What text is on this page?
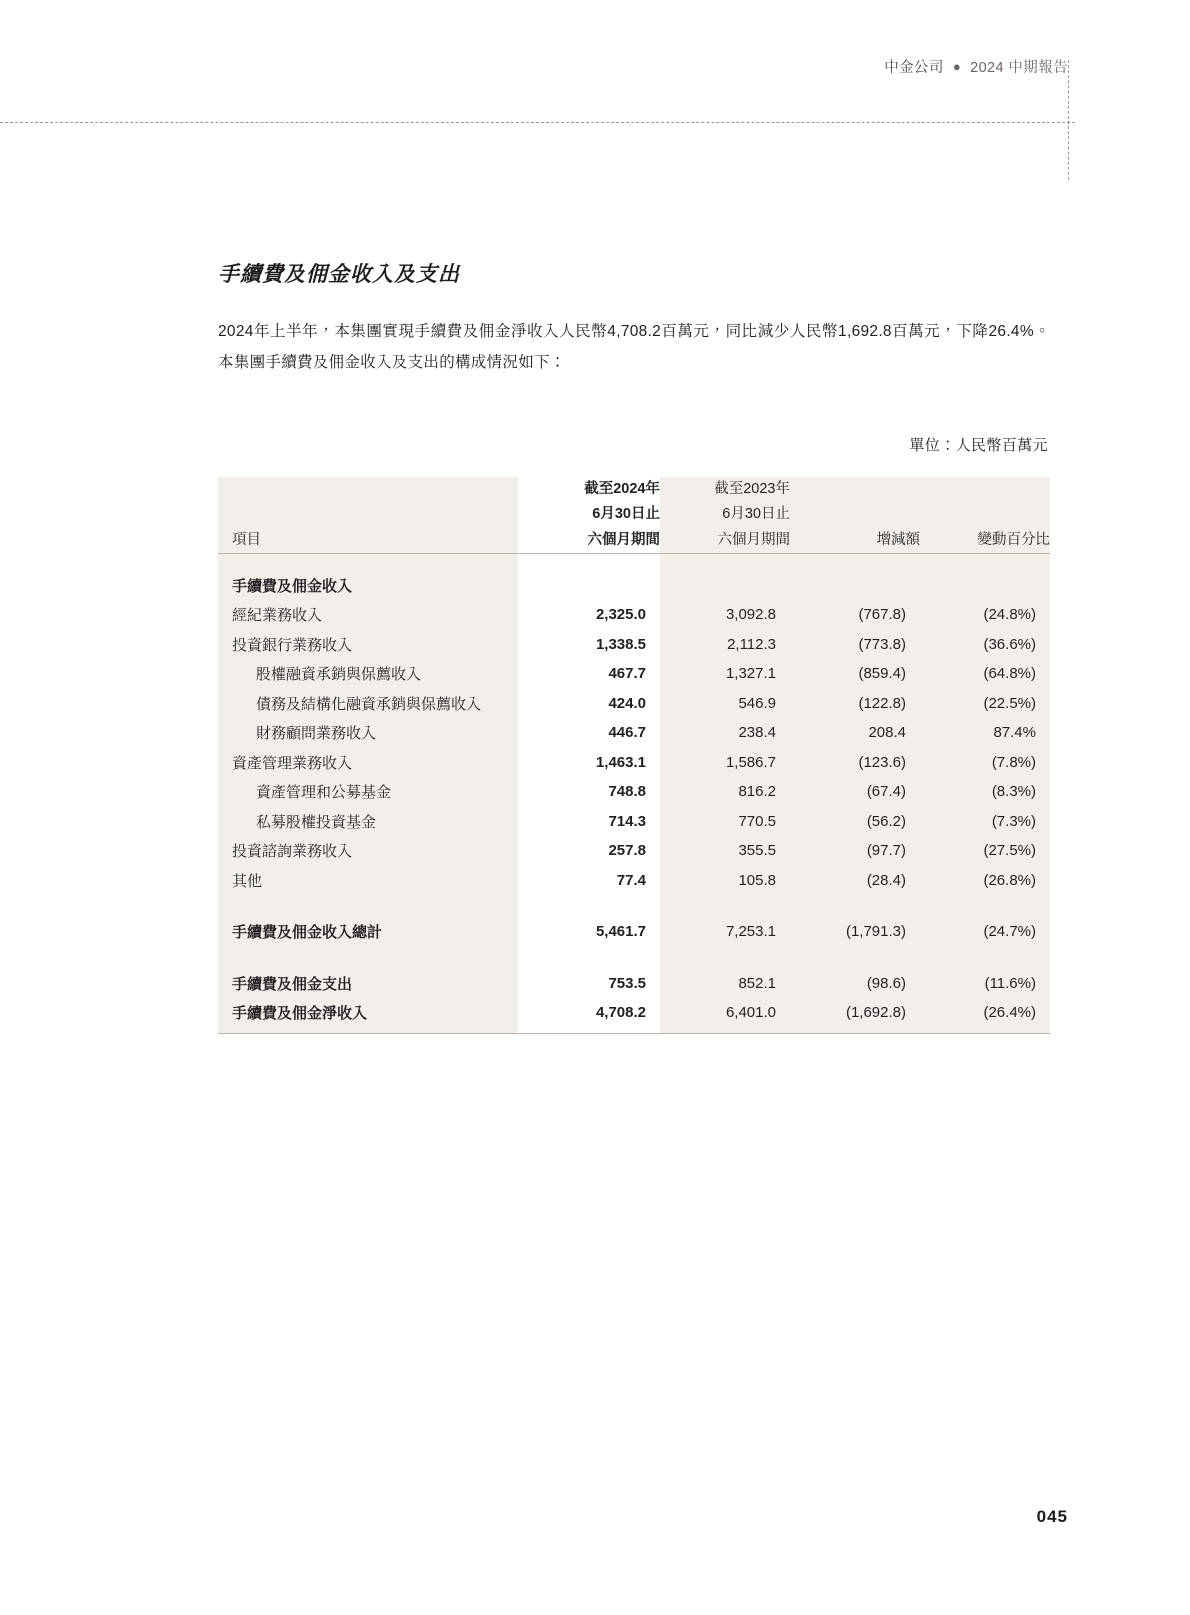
中金公司 ● 2024 中期報告
手續費及佣金收入及支出

2024年上半年，本集團實現手續費及佣金淨收入人民幣4,708.2百萬元，同比減少人民幣1,692.8百萬元，下降26.4%。本集團手續費及佣金收入及支出的構成情況如下：

單位：人民幣百萬元
項目	截至2024年
6月30日止
六個月期間	截至2023年
6月30日止
六個月期間	增減額	變動百分比
手續費及佣金收入				
經紀業務收入	2,325.0	3,092.8	(767.8)	(24.8%)
投資銀行業務收入	1,338.5	2,112.3	(773.8)	(36.6%)
股權融資承銷與保薦收入	467.7	1,327.1	(859.4)	(64.8%)
債務及結構化融資承銷與保薦收入	424.0	546.9	(122.8)	(22.5%)
財務顧問業務收入	446.7	238.4	208.4	87.4%
資產管理業務收入	1,463.1	1,586.7	(123.6)	(7.8%)
資產管理和公募基金	748.8	816.2	(67.4)	(8.3%)
私募股權投資基金	714.3	770.5	(56.2)	(7.3%)
投資諮詢業務收入	257.8	355.5	(97.7)	(27.5%)
其他	77.4	105.8	(28.4)	(26.8%)

手續費及佣金收入總計	5,461.7	7,253.1	(1,791.3)	(24.7%)

手續費及佣金支出	753.5	852.1	(98.6)	(11.6%)
手續費及佣金淨收入	4,708.2	6,401.0	(1,692.8)	(26.4%)
045
